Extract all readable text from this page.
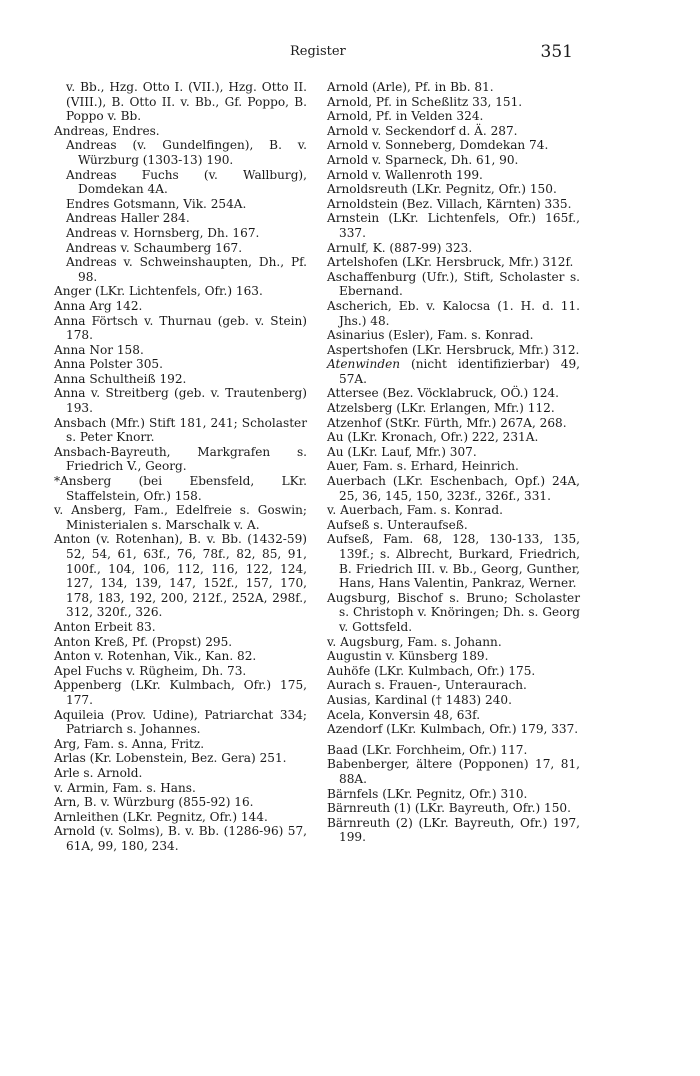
Register	351

v. Bb., Hzg. Otto I. (VII.), Hzg. Otto II. (VIII.), B. Otto II. v. Bb., Gf. Poppo, B. Poppo v. Bb.

Andreas, Endres.

Andreas (v. Gundelfingen), B. v. Würzburg (1303-13) 190.

Andreas Fuchs (v. Wallburg), Domdekan 4A.

Endres Gotsmann, Vik. 254A.

Andreas Haller 284.

Andreas v. Hornsberg, Dh. 167.

Andreas v. Schaumberg 167.

Andreas v. Schweinshaupten, Dh., Pf. 98.

Anger (LKr. Lichtenfels, Ofr.) 163.

Anna Arg 142.

Anna Förtsch v. Thurnau (geb. v. Stein) 178.

Anna Nor 158.

Anna Polster 305.

Anna Schultheiß 192.

Anna v. Streitberg (geb. v. Trautenberg) 193.

Ansbach (Mfr.) Stift 181, 241; Scholaster s. Peter Knorr.

Ansbach-Bayreuth, Markgrafen s. Friedrich V., Georg.

*Ansberg (bei Ebensfeld, LKr. Staffelstein, Ofr.) 158.

v. Ansberg, Fam., Edelfreie s. Goswin; Ministerialen s. Marschalk v. A.

Anton (v. Rotenhan), B. v. Bb. (1432-59) 52, 54, 61, 63f., 76, 78f., 82, 85, 91, 100f., 104, 106, 112, 116, 122, 124, 127, 134, 139, 147, 152f., 157, 170, 178, 183, 192, 200, 212f., 252A, 298f., 312, 320f., 326.

Anton Erbeit 83.

Anton Kreß, Pf. (Propst) 295.

Anton v. Rotenhan, Vik., Kan. 82.

Apel Fuchs v. Rügheim, Dh. 73.

Appenberg (LKr. Kulmbach, Ofr.) 175, 177.

Aquileia (Prov. Udine), Patriarchat 334; Patriarch s. Johannes.

Arg, Fam. s. Anna, Fritz.

Arlas (Kr. Lobenstein, Bez. Gera) 251.

Arle s. Arnold.

v. Armin, Fam. s. Hans.

Arn, B. v. Würzburg (855-92) 16.

Arnleithen (LKr. Pegnitz, Ofr.) 144.

Arnold (v. Solms), B. v. Bb. (1286-96) 57, 61A, 99, 180, 234.

Arnold (Arle), Pf. in Bb. 81.

Arnold, Pf. in Scheßlitz 33, 151.

Arnold, Pf. in Velden 324.

Arnold v. Seckendorf d. Ä. 287.

Arnold v. Sonneberg, Domdekan 74.

Arnold v. Sparneck, Dh. 61, 90.

Arnold v. Wallenroth 199.

Arnoldsreuth (LKr. Pegnitz, Ofr.) 150.

Arnoldstein (Bez. Villach, Kärnten) 335.

Arnstein (LKr. Lichtenfels, Ofr.) 165f., 337.

Arnulf, K. (887-99) 323.

Artelshofen (LKr. Hersbruck, Mfr.) 312f.

Aschaffenburg (Ufr.), Stift, Scholaster s. Ebernand.

Ascherich, Eb. v. Kalocsa (1. H. d. 11. Jhs.) 48.

Asinarius (Esler), Fam. s. Konrad.

Aspertshofen (LKr. Hersbruck, Mfr.) 312.

Atenwinden (nicht identifizierbar) 49, 57A.

Attersee (Bez. Vöcklabruck, OÖ.) 124.

Atzelsberg (LKr. Erlangen, Mfr.) 112.

Atzenhof (StKr. Fürth, Mfr.) 267A, 268.

Au (LKr. Kronach, Ofr.) 222, 231A.

Au (LKr. Lauf, Mfr.) 307.

Auer, Fam. s. Erhard, Heinrich.

Auerbach (LKr. Eschenbach, Opf.) 24A, 25, 36, 145, 150, 323f., 326f., 331.

v. Auerbach, Fam. s. Konrad.

Aufseß s. Unteraufseß.

Aufseß, Fam. 68, 128, 130-133, 135, 139f.; s. Albrecht, Burkard, Friedrich, B. Friedrich III. v. Bb., Georg, Gunther, Hans, Hans Valentin, Pankraz, Werner.

Augsburg, Bischof s. Bruno; Scholaster s. Christoph v. Knöringen; Dh. s. Georg v. Gottsfeld.

v. Augsburg, Fam. s. Johann.

Augustin v. Künsberg 189.

Auhöfe (LKr. Kulmbach, Ofr.) 175.

Aurach s. Frauen-, Unteraurach.

Ausias, Kardinal († 1483) 240.

Acela, Konversin 48, 63f.

Azendorf (LKr. Kulmbach, Ofr.) 179, 337.

Baad (LKr. Forchheim, Ofr.) 117.

Babenberger, ältere (Popponen) 17, 81, 88A.

Bärnfels (LKr. Pegnitz, Ofr.) 310.

Bärnreuth (1) (LKr. Bayreuth, Ofr.) 150.

Bärnreuth (2) (LKr. Bayreuth, Ofr.) 197, 199.
